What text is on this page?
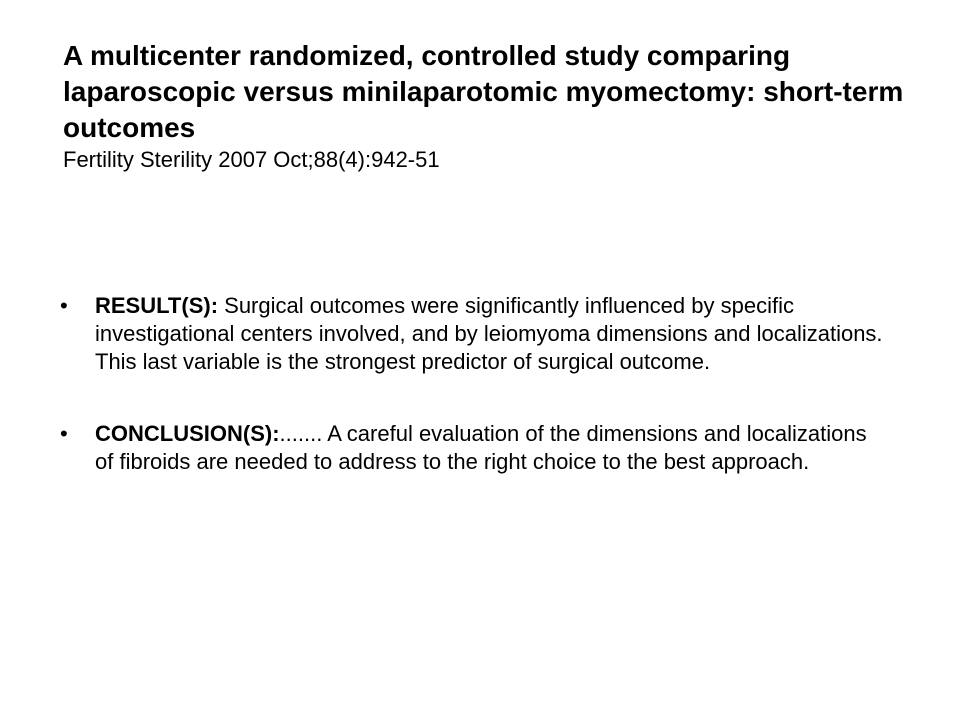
A multicenter randomized, controlled study comparing laparoscopic versus minilaparotomic myomectomy: short-term outcomes

Fertility Sterility 2007 Oct;88(4):942-51

• RESULT(S): Surgical outcomes were significantly influenced by specific investigational centers involved, and by leiomyoma dimensions and localizations. This last variable is the strongest predictor of surgical outcome.
• CONCLUSION(S):....... A careful evaluation of the dimensions and localizations of fibroids are needed to address to the right choice to the best approach.
